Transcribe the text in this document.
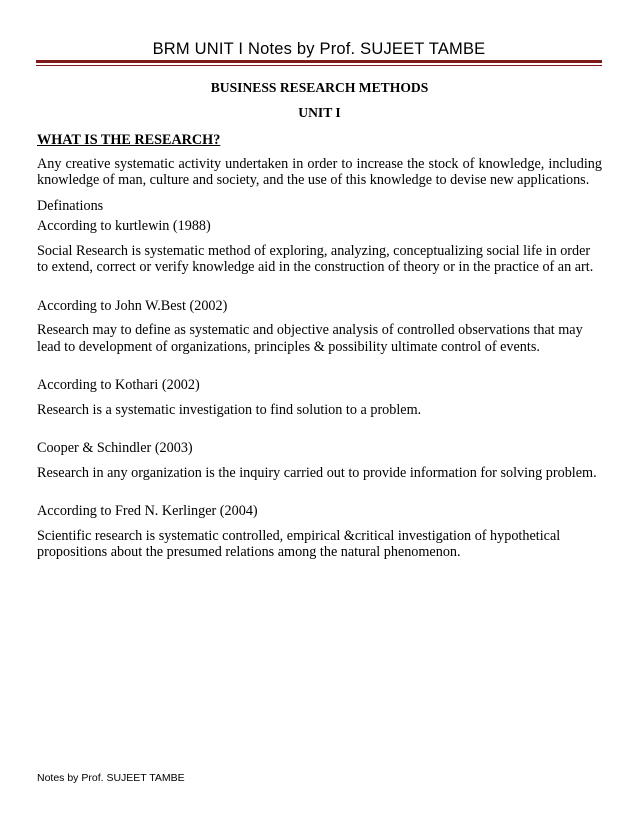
BRM UNIT I Notes by Prof. SUJEET TAMBE

BUSINESS RESEARCH METHODS

UNIT I

WHAT IS THE RESEARCH?
Any creative systematic activity undertaken in order to increase the stock of knowledge, including knowledge of man, culture and society, and the use of this knowledge to devise new applications.
Definations
According to kurtlewin (1988)
Social Research is systematic method of exploring, analyzing, conceptualizing social life in order to extend, correct or verify knowledge aid in the construction of theory or in the practice of an art.
According to John W.Best (2002)
Research may to define as systematic and objective analysis of controlled observations that may lead to development of organizations, principles & possibility ultimate control of events.
According to Kothari (2002)
Research is a systematic investigation to find solution to a problem.
Cooper & Schindler (2003)
Research in any organization is the inquiry carried out to provide information for solving problem.
According to Fred N. Kerlinger (2004)
Scientific research is systematic controlled, empirical &critical investigation of hypothetical propositions about the presumed relations among the natural phenomenon.
Notes by Prof. SUJEET TAMBE
